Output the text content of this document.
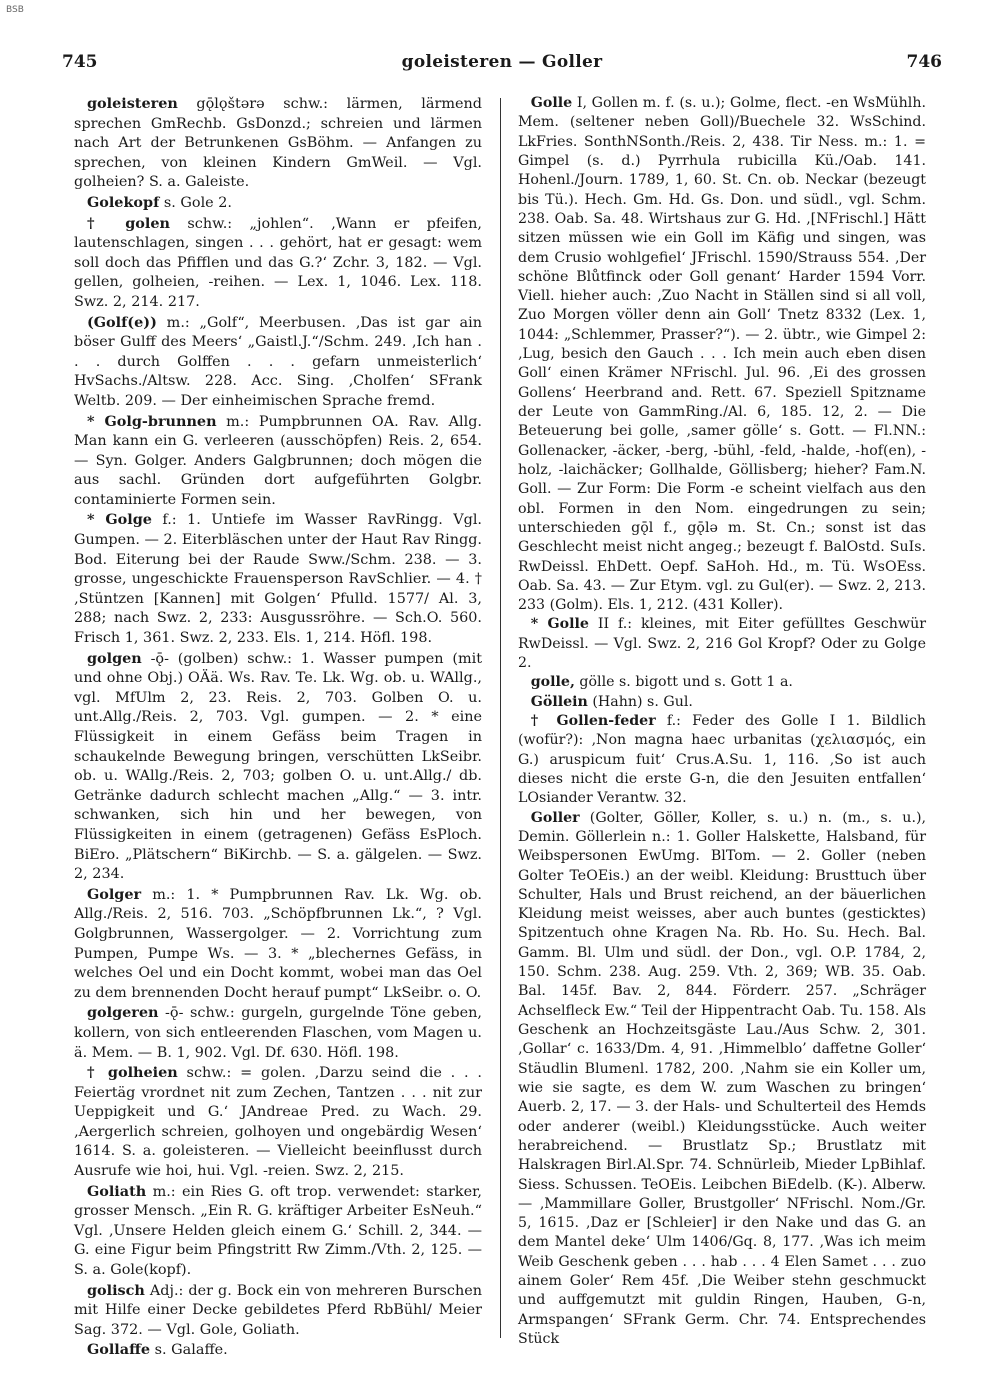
BSB
745	goleisteren — Goller	746

goleisteren gǭlǫštərə schw.: lärmen, lärmend sprechen GmRechb. GsDonzd.; schreien und lärmen nach Art der Betrunkenen GsBöhm. — Anfangen zu sprechen, von kleinen Kindern GmWeil. — Vgl. golheien? S. a. Galeiste.

Golekopf s. Gole 2.

† golen schw.: „johlen“. ‚Wann er pfeifen, lautenschlagen, singen . . . gehört, hat er gesagt: wem soll doch das Pfifflen und das G.?‘ Zchr. 3, 182. — Vgl. gellen, golheien, -reihen. — Lex. 1, 1046. Lex. 118. Swz. 2, 214. 217.

(Golf(e)) m.: „Golf“, Meerbusen. ‚Das ist gar ain böser Gulff des Meers‘ „Gaistl.J.“/Schm. 249. ‚Ich han . . . durch Golffen . . . gefarn unmeisterlich‘ HvSachs./Altsw. 228. Acc. Sing. ‚Cholfen‘ SFrank Weltb. 209. — Der einheimischen Sprache fremd.

* Golg-brunnen m.: Pumpbrunnen OA. Rav. Allg. Man kann ein G. verleeren (ausschöpfen) Reis. 2, 654. — Syn. Golger. Anders Galgbrunnen; doch mögen die aus sachl. Gründen dort aufgeführten Golgbr. contaminierte Formen sein.

* Golge f.: 1. Untiefe im Wasser RavRingg. Vgl. Gumpen. — 2. Eiterbläschen unter der Haut Rav Ringg. Bod. Eiterung bei der Raude Sww./Schm. 238. — 3. grosse, ungeschickte Frauensperson RavSchlier. — 4. † ‚Stüntzen [Kannen] mit Golgen‘ Pfulld. 1577/ Al. 3, 288; nach Swz. 2, 233: Ausgussröhre. — Sch.O. 560. Frisch 1, 361. Swz. 2, 233. Els. 1, 214. Höfl. 198.

golgen -ǭ- (golben) schw.: 1. Wasser pumpen (mit und ohne Obj.) OÄä. Ws. Rav. Te. Lk. Wg. ob. u. WAllg., vgl. MfUlm 2, 23. Reis. 2, 703. Golben O. u. unt.Allg./Reis. 2, 703. Vgl. gumpen. — 2. * eine Flüssigkeit in einem Gefäss beim Tragen in schaukelnde Bewegung bringen, verschütten LkSeibr. ob. u. WAllg./Reis. 2, 703; golben O. u. unt.Allg./ db. Getränke dadurch schlecht machen „Allg.“ — 3. intr. schwanken, sich hin und her bewegen, von Flüssigkeiten in einem (getragenen) Gefäss EsPloch. BiEro. „Plätschern“ BiKirchb. — S. a. gälgelen. — Swz. 2, 234.

Golger m.: 1. * Pumpbrunnen Rav. Lk. Wg. ob. Allg./Reis. 2, 516. 703. „Schöpfbrunnen Lk.“, ? Vgl. Golgbrunnen, Wassergolger. — 2. Vorrichtung zum Pumpen, Pumpe Ws. — 3. * „blechernes Gefäss, in welches Oel und ein Docht kommt, wobei man das Oel zu dem brennenden Docht herauf pumpt“ LkSeibr. o. O.

golgeren -ǭ- schw.: gurgeln, gurgelnde Töne geben, kollern, von sich entleerenden Flaschen, vom Magen u. ä. Mem. — B. 1, 902. Vgl. Df. 630. Höfl. 198.

† golheien schw.: = golen. ‚Darzu seind die . . . Feiertäg vrordnet nit zum Zechen, Tantzen . . . nit zur Ueppigkeit und G.‘ JAndreae Pred. zu Wach. 29. ‚Aergerlich schreien, golhoyen und ongebärdig Wesen‘ 1614. S. a. goleisteren. — Vielleicht beeinflusst durch Ausrufe wie hoi, hui. Vgl. -reien. Swz. 2, 215.

Goliath m.: ein Ries G. oft trop. verwendet: starker, grosser Mensch. „Ein R. G. kräftiger Arbeiter EsNeuh.“ Vgl. ‚Unsere Helden gleich einem G.‘ Schill. 2, 344. — G. eine Figur beim Pfingstritt Rw Zimm./Vth. 2, 125. — S. a. Gole(kopf).

golisch Adj.: der g. Bock ein von mehreren Burschen mit Hilfe einer Decke gebildetes Pferd RbBühl/ Meier Sag. 372. — Vgl. Gole, Goliath.

Gollaffe s. Galaffe.

Golle I, Gollen m. f. (s. u.); Golme, flect. -en WsMühlh. Mem. (seltener neben Goll)/Buechele 32. WsSchind. LkFries. SonthNSonth./Reis. 2, 438. Tir Ness. m.: 1. = Gimpel (s. d.) Pyrrhula rubicilla Kü./Oab. 141. Hohenl./Journ. 1789, 1, 60. St. Cn. ob. Neckar (bezeugt bis Tü.). Hech. Gm. Hd. Gs. Don. und südl., vgl. Schm. 238. Oab. Sa. 48. Wirtshaus zur G. Hd. ‚[NFrischl.] Hätt sitzen müssen wie ein Goll im Käfig und singen, was dem Crusio wohlgefiel‘ JFrischl. 1590/Strauss 554. ‚Der schöne Blůtfinck oder Goll genant‘ Harder 1594 Vorr. Viell. hieher auch: ‚Zuo Nacht in Ställen sind si all voll, Zuo Morgen völler denn ain Goll‘ Tnetz 8332 (Lex. 1, 1044: „Schlemmer, Prasser?“). — 2. übtr., wie Gimpel 2: ‚Lug, besich den Gauch . . . Ich mein auch eben disen Goll‘ einen Krämer NFrischl. Jul. 96. ‚Ei des grossen Gollens‘ Heerbrand and. Rett. 67. Speziell Spitzname der Leute von GammRing./Al. 6, 185. 12, 2. — Die Beteuerung bei golle, ‚samer gölle‘ s. Gott. — Fl.NN.: Gollenacker, -äcker, -berg, -bühl, -feld, -halde, -hof(en), -holz, -laichäcker; Gollhalde, Göllisberg; hieher? Fam.N. Goll. — Zur Form: Die Form -e scheint vielfach aus den obl. Formen in den Nom. eingedrungen zu sein; unterschieden gǭl f., gǭlə m. St. Cn.; sonst ist das Geschlecht meist nicht angeg.; bezeugt f. BalOstd. SuIs. RwDeissl. EhDett. Oepf. SaHoh. Hd., m. Tü. WsOEss. Oab. Sa. 43. — Zur Etym. vgl. zu Gul(er). — Swz. 2, 213. 233 (Golm). Els. 1, 212. (431 Koller).

* Golle II f.: kleines, mit Eiter gefülltes Geschwür RwDeissl. — Vgl. Swz. 2, 216 Gol Kropf? Oder zu Golge 2.

golle, gölle s. bigott und s. Gott 1 a.

Göllein (Hahn) s. Gul.

† Gollen-feder f.: Feder des Golle I 1. Bildlich (wofür?): ‚Non magna haec urbanitas (χελιασμός, ein G.) aruspicum fuit‘ Crus.A.Su. 1, 116. ‚So ist auch dieses nicht die erste G-n, die den Jesuiten entfallen‘ LOsiander Verantw. 32.

Goller (Golter, Göller, Koller, s. u.) n. (m., s. u.), Demin. Göllerlein n.: 1. Goller Halskette, Halsband, für Weibspersonen EwUmg. BlTom. — 2. Goller (neben Golter TeOEis.) an der weibl. Kleidung: Brusttuch über Schulter, Hals und Brust reichend, an der bäuerlichen Kleidung meist weisses, aber auch buntes (gesticktes) Spitzentuch ohne Kragen Na. Rb. Ho. Su. Hech. Bal. Gamm. Bl. Ulm und südl. der Don., vgl. O.P. 1784, 2, 150. Schm. 238. Aug. 259. Vth. 2, 369; WB. 35. Oab. Bal. 145f. Bav. 2, 844. Förderr. 257. „Schräger Achselfleck Ew.“ Teil der Hippentracht Oab. Tu. 158. Als Geschenk an Hochzeitsgäste Lau./Aus Schw. 2, 301. ‚Gollar‘ c. 1633/Dm. 4, 91. ‚Himmelblo’ daffetne Goller‘ Stäudlin Blumenl. 1782, 200. ‚Nahm sie ein Koller um, wie sie sagte, es dem W. zum Waschen zu bringen‘ Auerb. 2, 17. — 3. der Hals- und Schulterteil des Hemds oder anderer (weibl.) Kleidungsstücke. Auch weiter herabreichend. — Brustlatz Sp.; Brustlatz mit Halskragen Birl.Al.Spr. 74. Schnürleib, Mieder LpBihlaf. Siess. Schussen. TeOEis. Leibchen BiEdelb. (K-). Alberw. — ‚Mammillare Goller, Brustgoller‘ NFrischl. Nom./Gr. 5, 1615. ‚Daz er [Schleier] ir den Nake und das G. an dem Mantel deke‘ Ulm 1406/Gq. 8, 177. ‚Was ich meim Weib Geschenk geben . . . hab . . . 4 Elen Samet . . . zuo ainem Goler‘ Rem 45f. ‚Die Weiber stehn geschmuckt und auffgemutzt mit guldin Ringen, Hauben, G-n, Armspangen‘ SFrank Germ. Chr. 74. Entsprechendes Stück
